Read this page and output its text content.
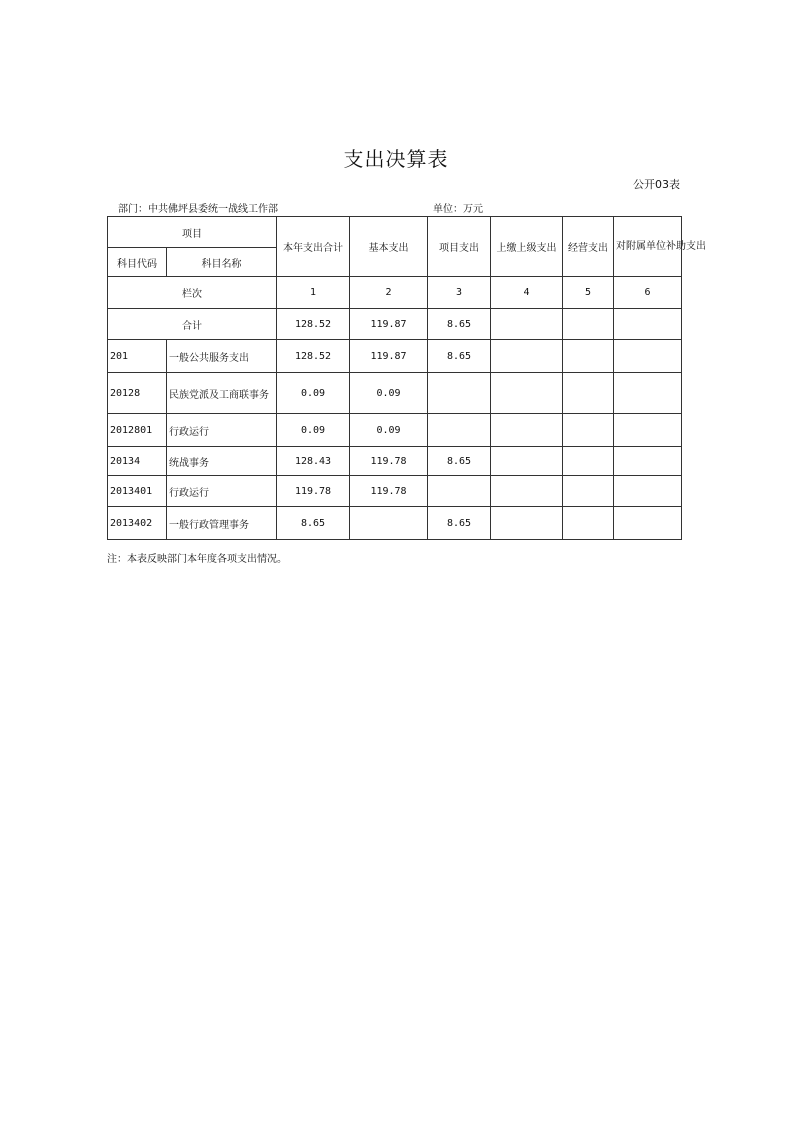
支出决算表
公开03表
部门：中共佛坪县委统一战线工作部	单位：万元
项目		本年支出合计	基本支出	项目支出	上缴上级支出	经营支出	对附属单位补助支出
科目代码	科目名称						
栏次		1	2	3	4	5	6
合计		128.52	119.87	8.65			
201	一般公共服务支出	128.52	119.87	8.65			
20128	民族党派及工商联事务	0.09	0.09				
2012801	行政运行	0.09	0.09				
20134	统战事务	128.43	119.78	8.65			
2013401	行政运行	119.78	119.78				
2013402	一般行政管理事务	8.65		8.65			
注：本表反映部门本年度各项支出情况。
